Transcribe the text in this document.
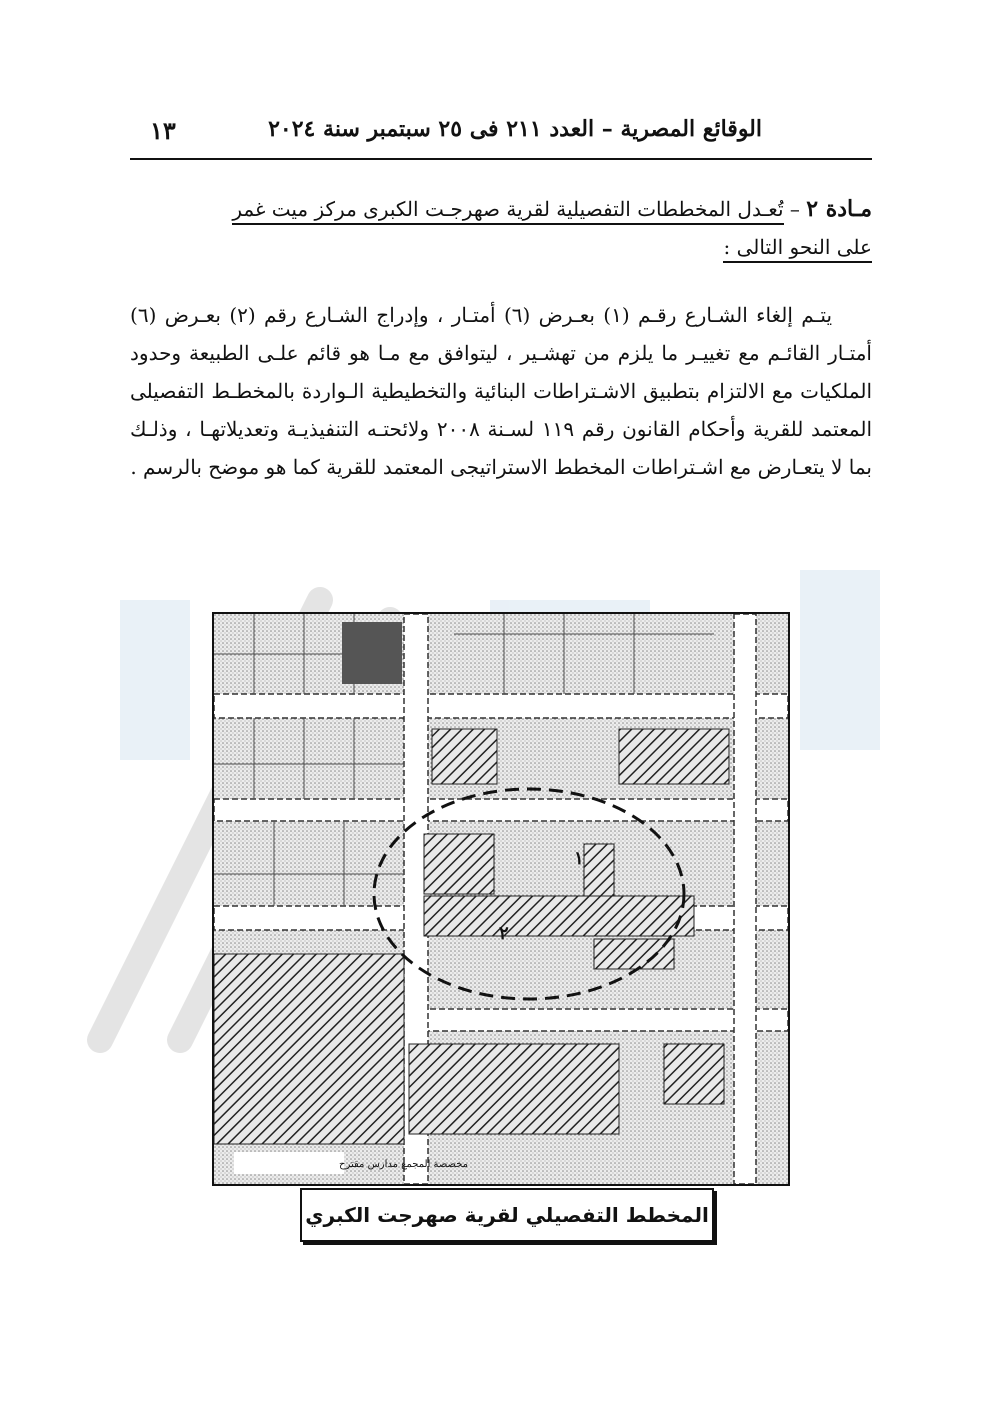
١٣	الوقائع المصرية – العدد ٢١١ فى ٢٥ سبتمبر سنة ٢٠٢٤
مـادة ٢ – تُعـدل المخططات التفصيلية لقرية صهرجـت الكبرى مركز ميت غمر
على النحو التالى :
يتـم إلغاء الشـارع رقـم (١) بعـرض (٦) أمتـار ، وإدراج الشـارع رقم (٢) بعـرض (٦) أمتـار القائـم مع تغييـر ما يلزم من تهشـير ، ليتوافق مع مـا هو قائم علـى الطبيعة وحدود الملكيات مع الالتزام بتطبيق الاشـتراطات البنائية والتخطيطية الـواردة بالمخطـط التفصيلى المعتمد للقرية وأحكام القانون رقم ١١٩ لسـنة ٢٠٠٨ ولائحتـه التنفيذيـة وتعديلاتهـا ، وذلـك بما لا يتعـارض مع اشـتراطات المخطط الاستراتيجى المعتمد للقرية كما هو موضح بالرسم .
١
٢
مخصصة المجمع مدارس مقترح
المخطط التفصيلي لقرية صهرجت الكبري
